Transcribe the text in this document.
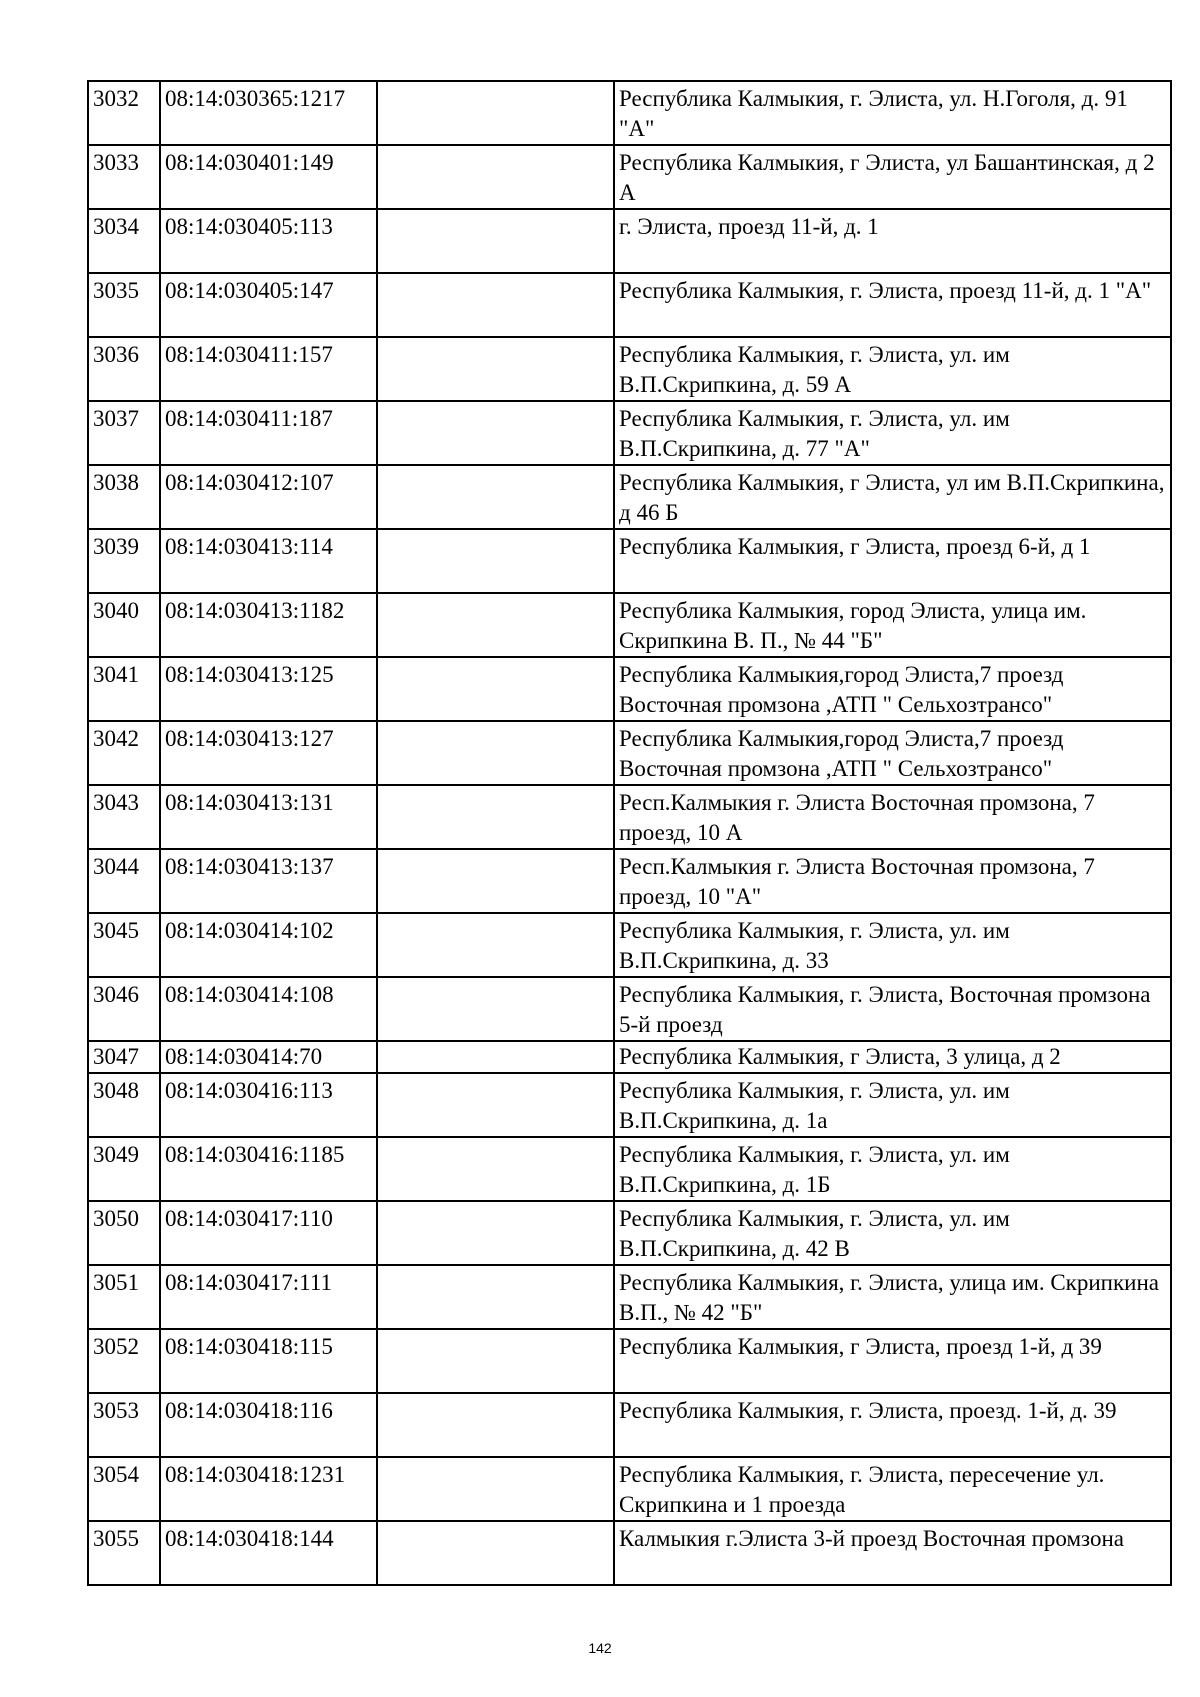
3032	08:14:030365:1217		Республика Калмыкия, г. Элиста, ул. Н.Гоголя, д. 91 "А"
3033	08:14:030401:149		Республика Калмыкия, г Элиста, ул Башантинская, д 2 А
3034	08:14:030405:113		г. Элиста, проезд 11-й, д. 1
3035	08:14:030405:147		Республика Калмыкия, г. Элиста, проезд 11-й, д. 1 "А"
3036	08:14:030411:157		Республика Калмыкия, г. Элиста, ул. им В.П.Скрипкина, д. 59 А
3037	08:14:030411:187		Республика Калмыкия, г. Элиста, ул. им В.П.Скрипкина, д. 77 "А"
3038	08:14:030412:107		Республика Калмыкия, г Элиста, ул им В.П.Скрипкина, д 46 Б
3039	08:14:030413:114		Республика Калмыкия, г Элиста, проезд 6-й, д 1
3040	08:14:030413:1182		Республика Калмыкия, город Элиста, улица им. Скрипкина В. П., № 44 "Б"
3041	08:14:030413:125		Республика Калмыкия,город Элиста,7 проезд Восточная промзона ,АТП " Сельхозтрансо"
3042	08:14:030413:127		Республика Калмыкия,город Элиста,7 проезд Восточная промзона ,АТП " Сельхозтрансо"
3043	08:14:030413:131		Респ.Калмыкия г. Элиста Восточная промзона, 7 проезд, 10 А
3044	08:14:030413:137		Респ.Калмыкия г. Элиста Восточная промзона, 7 проезд, 10 "А"
3045	08:14:030414:102		Республика Калмыкия, г. Элиста, ул. им В.П.Скрипкина, д. 33
3046	08:14:030414:108		Республика Калмыкия, г. Элиста, Восточная промзона 5-й проезд
3047	08:14:030414:70		Республика Калмыкия, г Элиста, 3 улица, д 2
3048	08:14:030416:113		Республика Калмыкия, г. Элиста, ул. им В.П.Скрипкина, д. 1а
3049	08:14:030416:1185		Республика Калмыкия, г. Элиста, ул. им В.П.Скрипкина, д. 1Б
3050	08:14:030417:110		Республика Калмыкия, г. Элиста, ул. им В.П.Скрипкина, д. 42 В
3051	08:14:030417:111		Республика Калмыкия, г. Элиста, улица им. Скрипкина В.П., № 42 "Б"
3052	08:14:030418:115		Республика Калмыкия, г Элиста, проезд 1-й, д 39
3053	08:14:030418:116		Республика Калмыкия, г. Элиста, проезд. 1-й, д. 39
3054	08:14:030418:1231		Республика Калмыкия, г. Элиста, пересечение ул. Скрипкина и 1 проезда
3055	08:14:030418:144		Калмыкия г.Элиста 3-й проезд Восточная промзона
142
